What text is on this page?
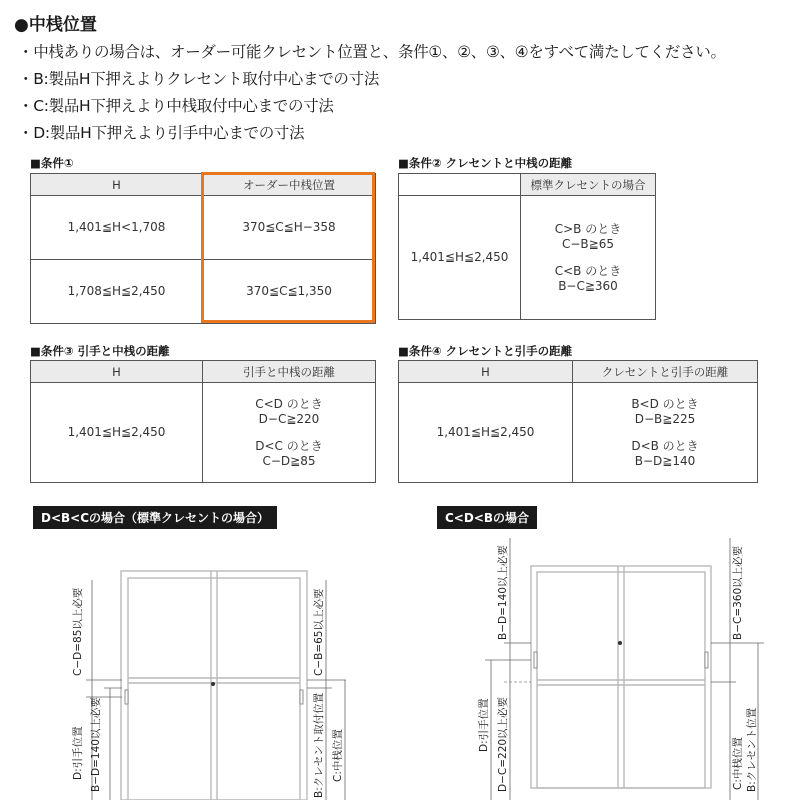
●中桟位置
・中桟ありの場合は、オーダー可能クレセント位置と、条件①、②、③、④をすべて満たしてください。
・B:製品H下押えよりクレセント取付中心までの寸法
・C:製品H下押えより中桟取付中心までの寸法
・D:製品H下押えより引手中心までの寸法
■条件①
H	オーダー中桟位置
1,401≦H<1,708	370≦C≦H−358
1,708≦H≦2,450	370≦C≦1,350
■条件② クレセントと中桟の距離
	標準クレセントの場合
1,401≦H≦2,450	C>B のとき
C−B≧65
C<B のとき
B−C≧360
■条件③ 引手と中桟の距離
H	引手と中桟の距離
1,401≦H≦2,450	C<D のとき
D−C≧220
D<C のとき
C−D≧85
■条件④ クレセントと引手の距離
H	クレセントと引手の距離
1,401≦H≦2,450	B<D のとき
D−B≧225
D<B のとき
B−D≧140
D<B<Cの場合（標準クレセントの場合）	C<D<Bの場合
C−D=85以上必要
D:引手位置 B−D=140以上必要
C−B=65以上必要
B:クレセント取付位置 C:中桟位置
B−D=140以上必要
D:引手位置 D−C=220以上必要
B−C=360以上必要
C:中桟位置 B:クレセント位置
